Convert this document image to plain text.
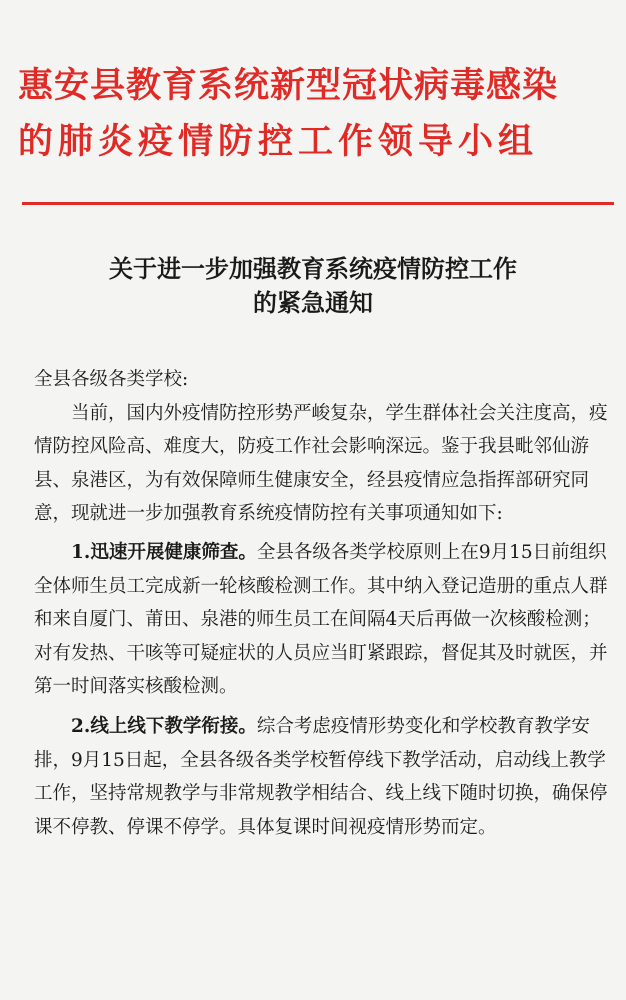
惠安县教育系统新型冠状病毒感染
的肺炎疫情防控工作领导小组
关于进一步加强教育系统疫情防控工作
的紧急通知

全县各级各类学校:

当前，国内外疫情防控形势严峻复杂，学生群体社会关注度高，疫情防控风险高、难度大，防疫工作社会影响深远。鉴于我县毗邻仙游县、泉港区，为有效保障师生健康安全，经县疫情应急指挥部研究同意，现就进一步加强教育系统疫情防控有关事项通知如下:

1.迅速开展健康筛查。全县各级各类学校原则上在9月15日前组织全体师生员工完成新一轮核酸检测工作。其中纳入登记造册的重点人群和来自厦门、莆田、泉港的师生员工在间隔4天后再做一次核酸检测；对有发热、干咳等可疑症状的人员应当盯紧跟踪，督促其及时就医，并第一时间落实核酸检测。

2.线上线下教学衔接。综合考虑疫情形势变化和学校教育教学安排，9月15日起，全县各级各类学校暂停线下教学活动，启动线上教学工作，坚持常规教学与非常规教学相结合、线上线下随时切换，确保停课不停教、停课不停学。具体复课时间视疫情形势而定。
